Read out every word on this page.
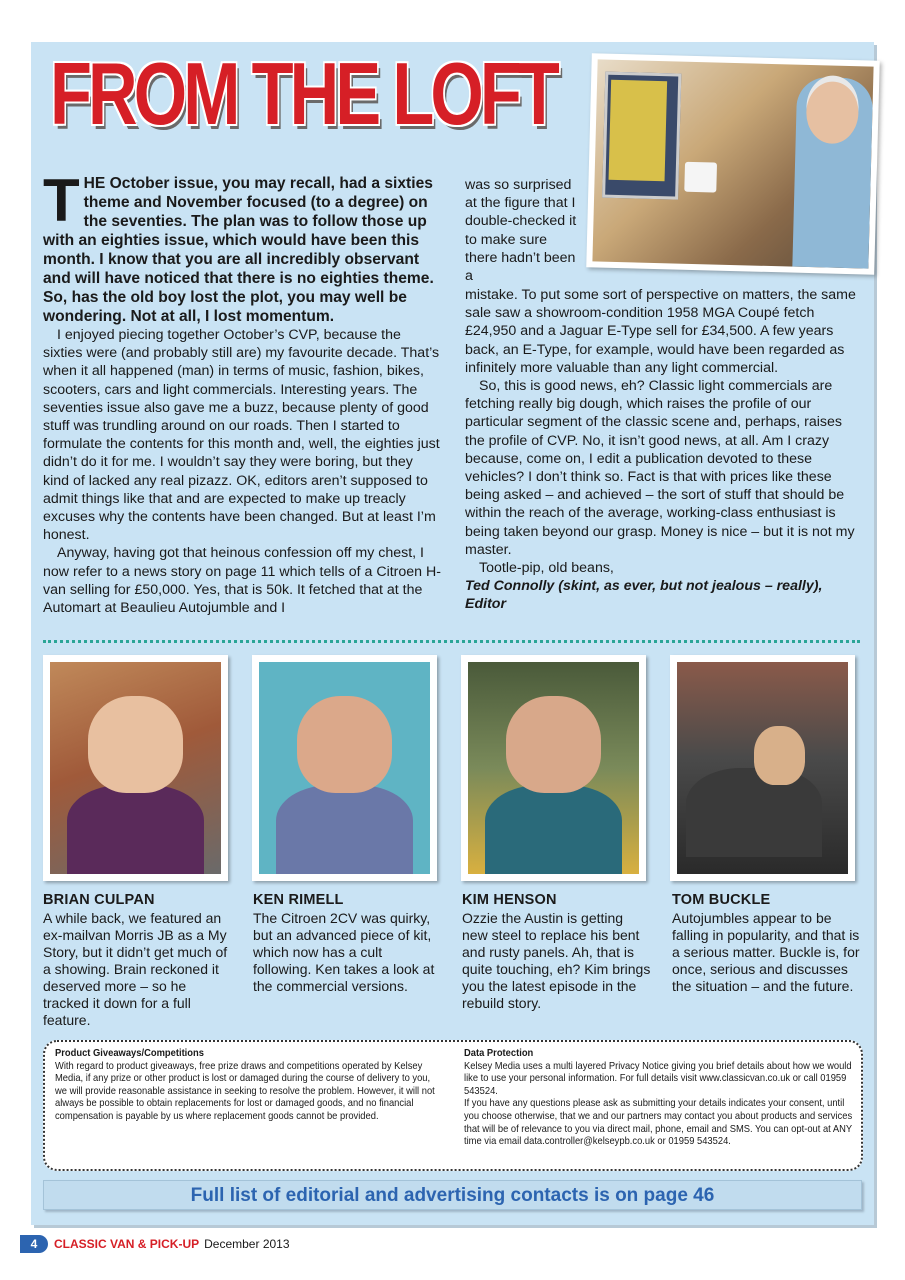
FROM THE LOFT

THE October issue, you may recall, had a sixties theme and November focused (to a degree) on the seventies. The plan was to follow those up with an eighties issue, which would have been this month. I know that you are all incredibly observant and will have noticed that there is no eighties theme. So, has the old boy lost the plot, you may well be wondering. Not at all, I lost momentum.

I enjoyed piecing together October’s CVP, because the sixties were (and probably still are) my favourite decade. That’s when it all happened (man) in terms of music, fashion, bikes, scooters, cars and light commercials. Interesting years. The seventies issue also gave me a buzz, because plenty of good stuff was trundling around on our roads. Then I started to formulate the contents for this month and, well, the eighties just didn’t do it for me. I wouldn’t say they were boring, but they kind of lacked any real pizazz. OK, editors aren’t supposed to admit things like that and are expected to make up treacly excuses why the contents have been changed. But at least I’m honest.

Anyway, having got that heinous confession off my chest, I now refer to a news story on page 11 which tells of a Citroen H-van selling for £50,000. Yes, that is 50k. It fetched that at the Automart at Beaulieu Autojumble and I

was so surprised at the figure that I double-checked it to make sure there hadn’t been a

mistake. To put some sort of perspective on matters, the same sale saw a showroom-condition 1958 MGA Coupé fetch £24,950 and a Jaguar E-Type sell for £34,500. A few years back, an E-Type, for example, would have been regarded as infinitely more valuable than any light commercial.

So, this is good news, eh? Classic light commercials are fetching really big dough, which raises the profile of our particular segment of the classic scene and, perhaps, raises the profile of CVP. No, it isn’t good news, at all. Am I crazy because, come on, I edit a publication devoted to these vehicles? I don’t think so. Fact is that with prices like these being asked – and achieved – the sort of stuff that should be within the reach of the average, working-class enthusiast is being taken beyond our grasp. Money is nice – but it is not my master.

Tootle-pip, old beans,

Ted Connolly (skint, as ever, but not jealous – really), Editor

BRIAN CULPAN
A while back, we featured an ex-mailvan Morris JB as a My Story, but it didn’t get much of a showing. Brain reckoned it deserved more – so he tracked it down for a full feature.
KEN RIMELL
The Citroen 2CV was quirky, but an advanced piece of kit, which now has a cult following. Ken takes a look at the commercial versions.
KIM HENSON
Ozzie the Austin is getting new steel to replace his bent and rusty panels. Ah, that is quite touching, eh? Kim brings you the latest episode in the rebuild story.
TOM BUCKLE
Autojumbles appear to be falling in popularity, and that is a serious matter. Buckle is, for once, serious and discusses the situation – and the future.
Product Giveaways/Competitions
With regard to product giveaways, free prize draws and competitions operated by Kelsey Media, if any prize or other product is lost or damaged during the course of delivery to you, we will provide reasonable assistance in seeking to resolve the problem. However, it will not always be possible to obtain replacements for lost or damaged goods, and no financial compensation is payable by us where replacement goods cannot be provided.
Data Protection
Kelsey Media uses a multi layered Privacy Notice giving you brief details about how we would like to use your personal information. For full details visit www.classicvan.co.uk or call 01959 543524.
If you have any questions please ask as submitting your details indicates your consent, until you choose otherwise, that we and our partners may contact you about products and services that will be of relevance to you via direct mail, phone, email and SMS. You can opt-out at ANY time via email data.controller@kelseypb.co.uk or 01959 543524.
Full list of editorial and advertising contacts is on page 46
4	CLASSIC VAN & PICK-UP December 2013
